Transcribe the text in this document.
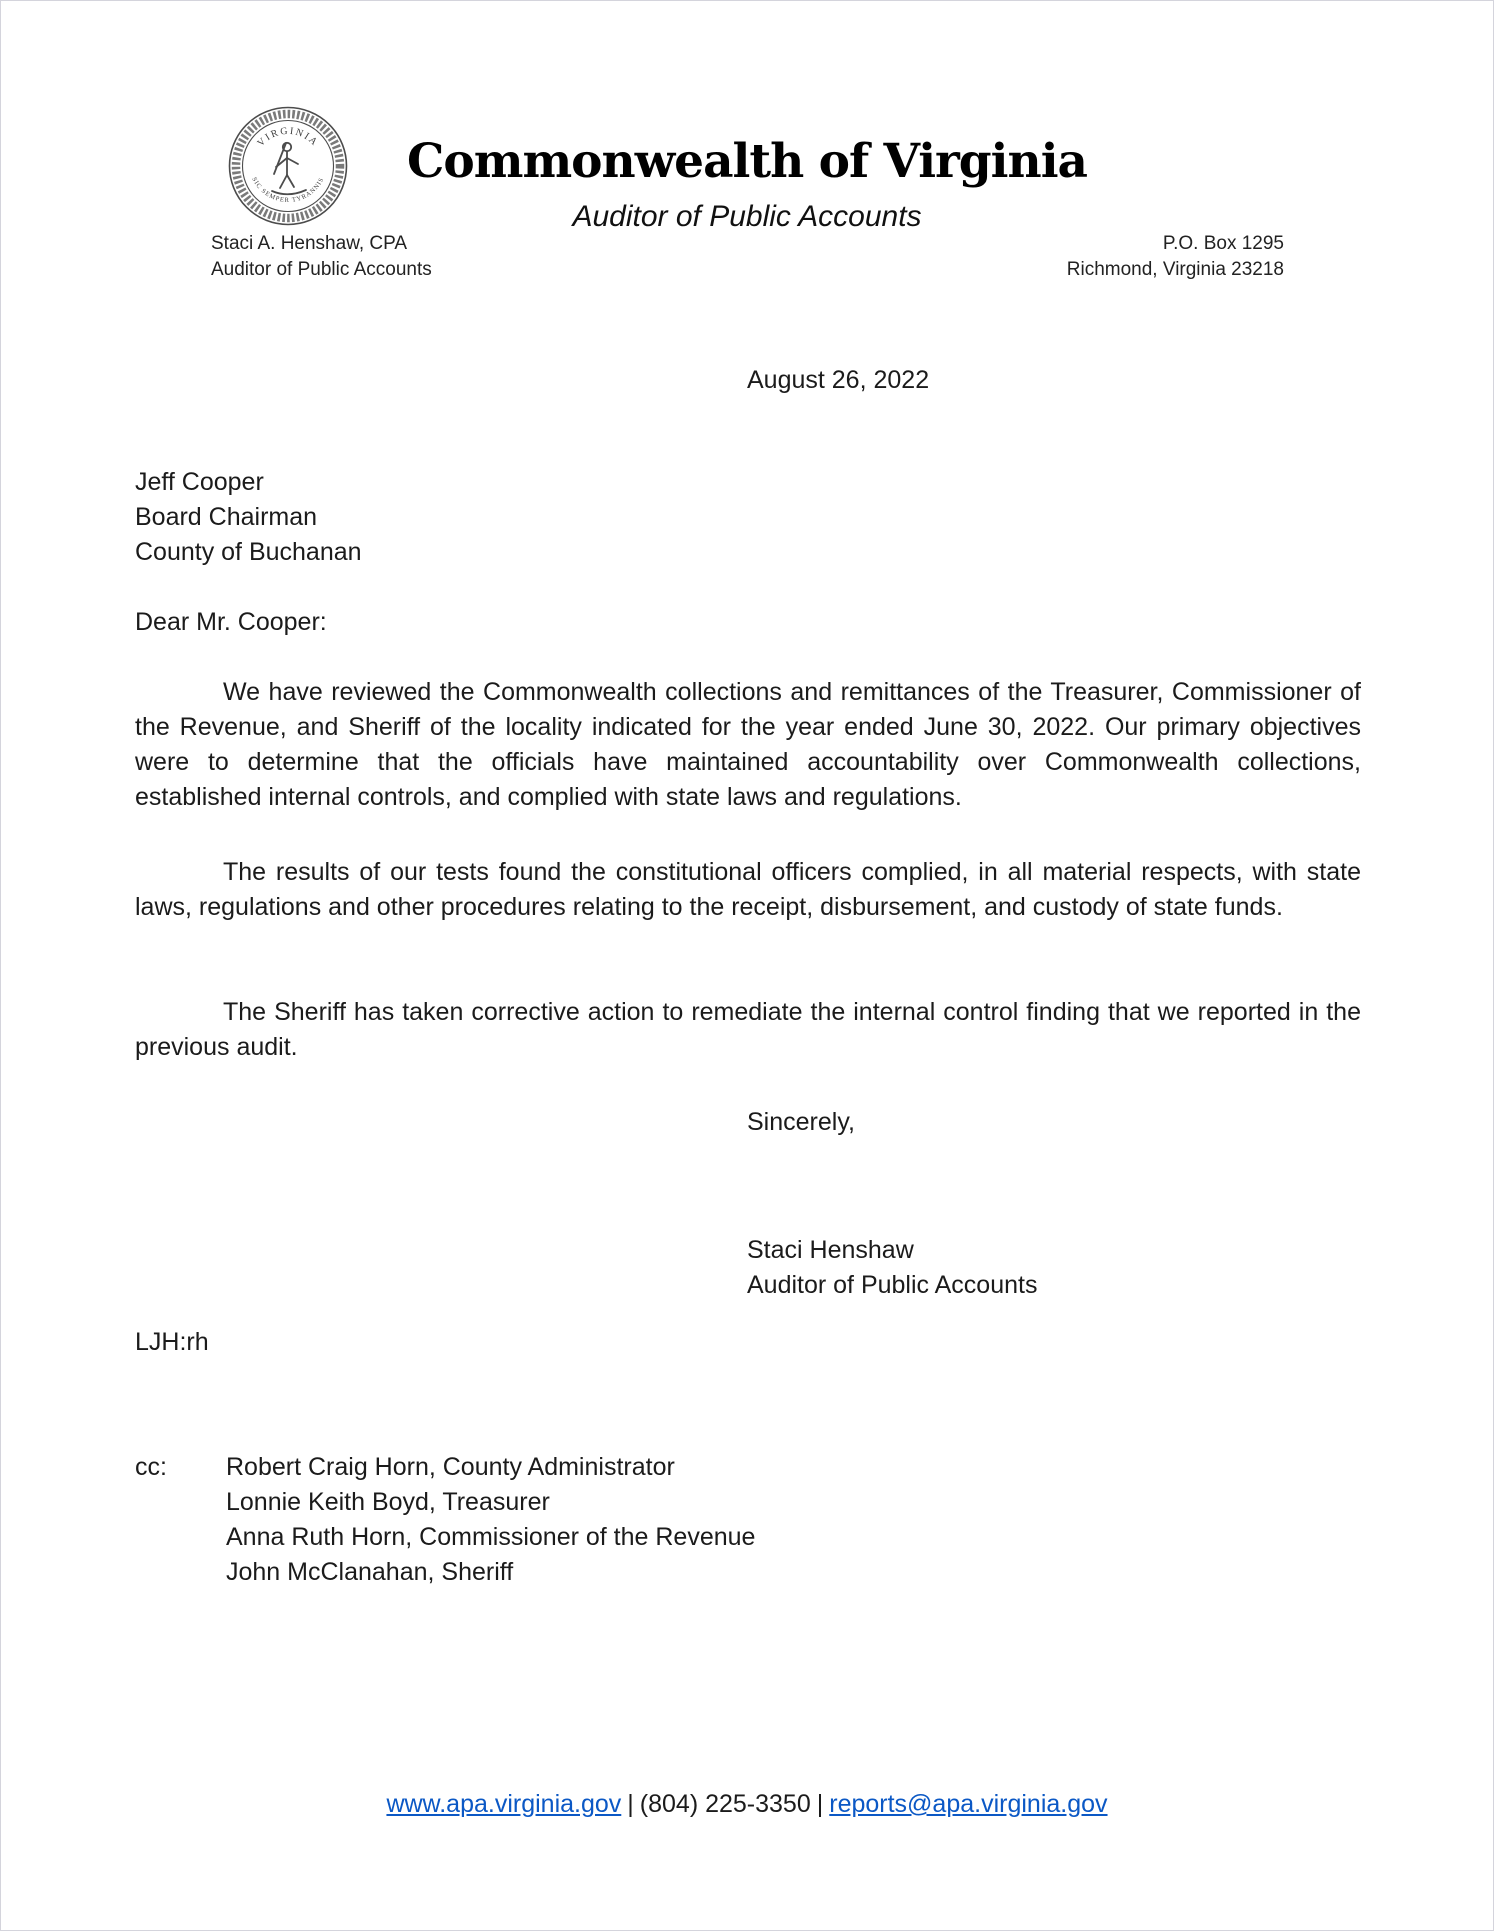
VIRGINIA
SIC SEMPER TYRANNIS	Commonwealth of Virginia
Auditor of Public Accounts
Staci A. Henshaw, CPA
Auditor of Public Accounts
P.O. Box 1295
Richmond, Virginia 23218
August 26, 2022
Jeff Cooper
Board Chairman
County of Buchanan
Dear Mr. Cooper:

We have reviewed the Commonwealth collections and remittances of the Treasurer, Commissioner of the Revenue, and Sheriff of the locality indicated for the year ended June 30, 2022. Our primary objectives were to determine that the officials have maintained accountability over Commonwealth collections, established internal controls, and complied with state laws and regulations.

The results of our tests found the constitutional officers complied, in all material respects, with state laws, regulations and other procedures relating to the receipt, disbursement, and custody of state funds.

The Sheriff has taken corrective action to remediate the internal control finding that we reported in the previous audit.

Sincerely,
Staci Henshaw
Auditor of Public Accounts
LJH:rh
cc:	Robert Craig Horn, County Administrator
Lonnie Keith Boyd, Treasurer
Anna Ruth Horn, Commissioner of the Revenue
John McClanahan, Sheriff
www.apa.virginia.gov | (804) 225-3350 | reports@apa.virginia.gov
